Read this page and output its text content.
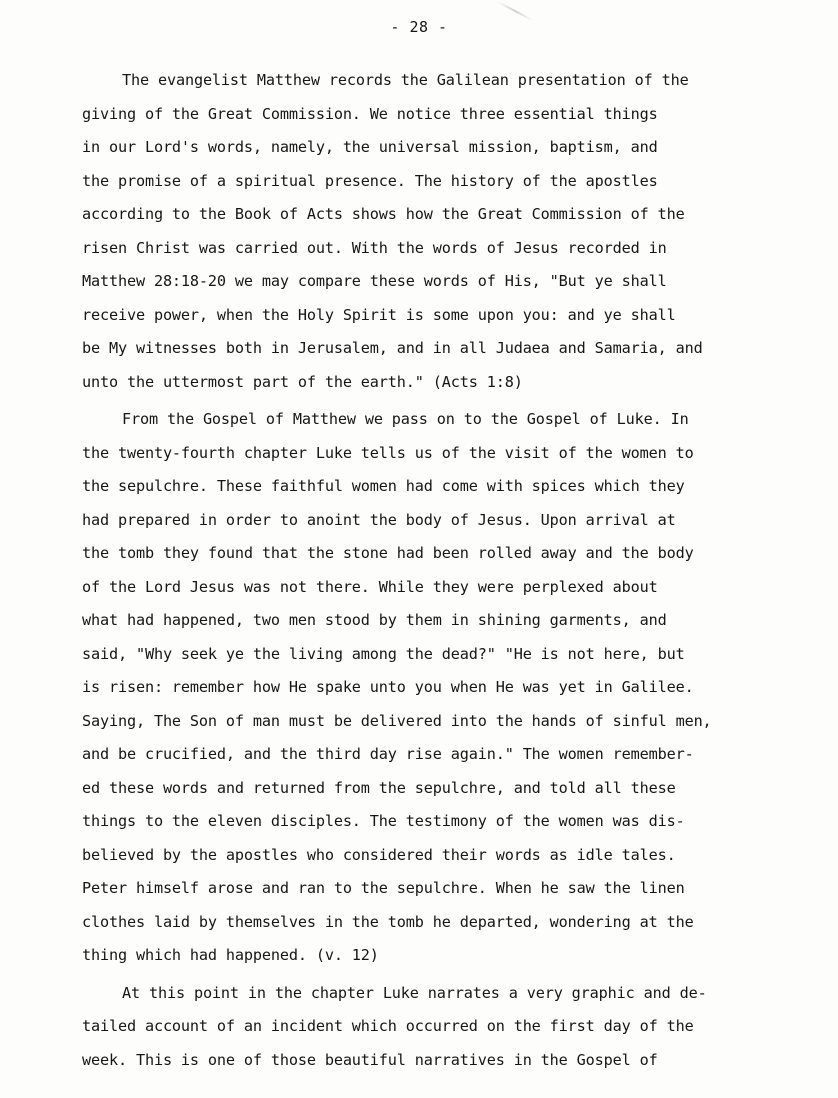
- 28 -
The evangelist Matthew records the Galilean presentation of the
giving of the Great Commission. We notice three essential things
in our Lord's words, namely, the universal mission, baptism, and
the promise of a spiritual presence. The history of the apostles
according to the Book of Acts shows how the Great Commission of the
risen Christ was carried out. With the words of Jesus recorded in
Matthew 28:18-20 we may compare these words of His, "But ye shall
receive power, when the Holy Spirit is some upon you: and ye shall
be My witnesses both in Jerusalem, and in all Judaea and Samaria, and
unto the uttermost part of the earth." (Acts 1:8)
From the Gospel of Matthew we pass on to the Gospel of Luke. In
the twenty-fourth chapter Luke tells us of the visit of the women to
the sepulchre. These faithful women had come with spices which they
had prepared in order to anoint the body of Jesus. Upon arrival at
the tomb they found that the stone had been rolled away and the body
of the Lord Jesus was not there. While they were perplexed about
what had happened, two men stood by them in shining garments, and
said, "Why seek ye the living among the dead?" "He is not here, but
is risen: remember how He spake unto you when He was yet in Galilee.
Saying, The Son of man must be delivered into the hands of sinful men,
and be crucified, and the third day rise again." The women remember-
ed these words and returned from the sepulchre, and told all these
things to the eleven disciples. The testimony of the women was dis-
believed by the apostles who considered their words as idle tales.
Peter himself arose and ran to the sepulchre. When he saw the linen
clothes laid by themselves in the tomb he departed, wondering at the
thing which had happened. (v. 12)
At this point in the chapter Luke narrates a very graphic and de-
tailed account of an incident which occurred on the first day of the
week. This is one of those beautiful narratives in the Gospel of
